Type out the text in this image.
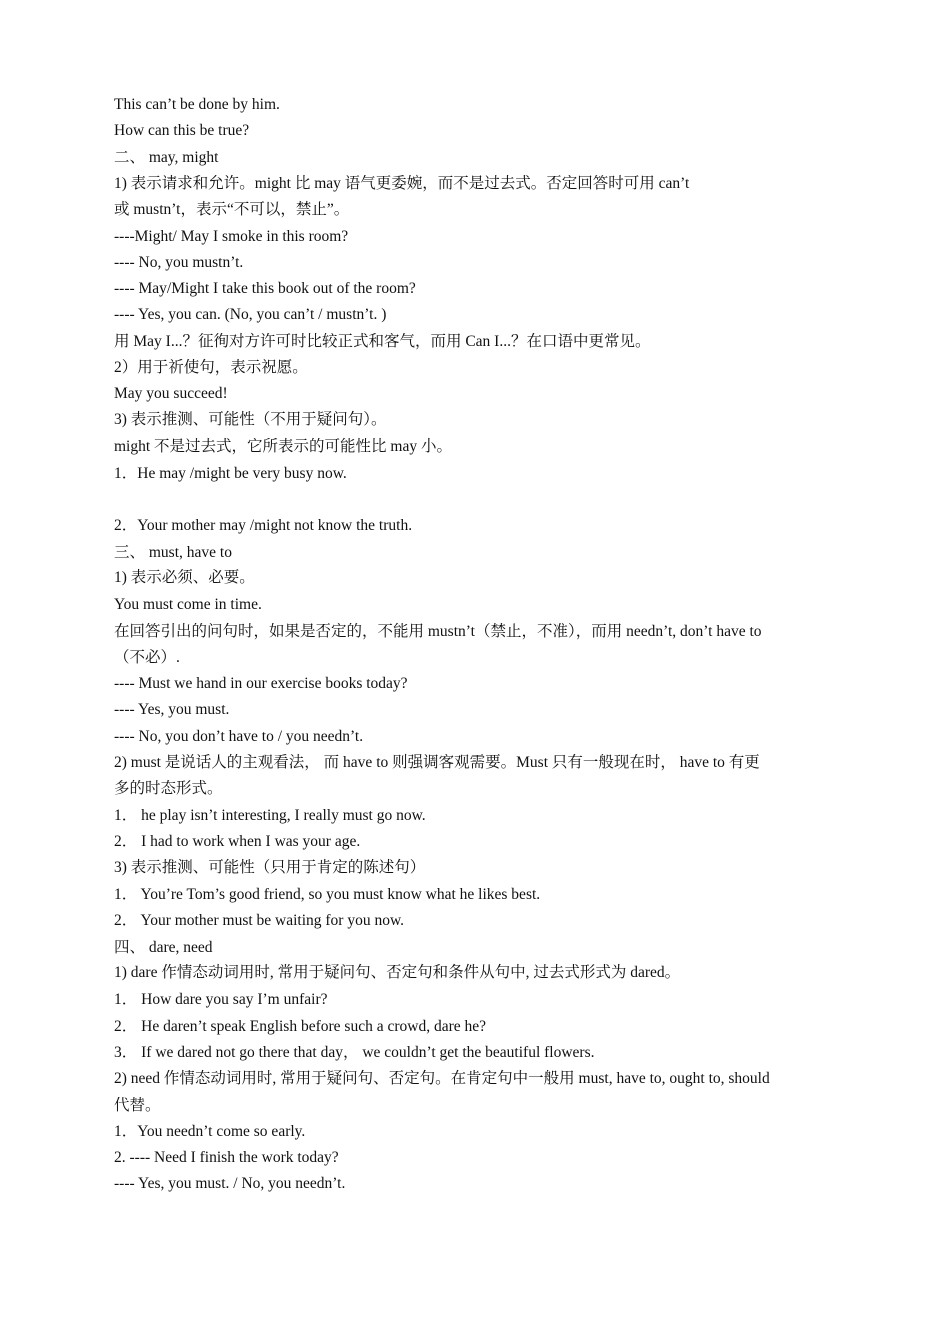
This can’t be done by him.

How can this be true?

二、 may, might

1) 表示请求和允许。might 比 may 语气更委婉，而不是过去式。否定回答时可用 can’t

或 mustn’t，表示“不可以，禁止”。

----Might/ May I smoke in this room?

---- No, you mustn’t.

---- May/Might I take this book out of the room?

---- Yes, you can. (No, you can’t / mustn’t. )

用 May I...？征徇对方许可时比较正式和客气，而用 Can I...？在口语中更常见。

2）用于祈使句，表示祝愿。

May you succeed!

3) 表示推测、可能性（不用于疑问句）。

might 不是过去式，它所表示的可能性比 may 小。

1．He may /might be very busy now.

2．Your mother may /might not know the truth.

三、 must, have to

1) 表示必须、必要。

You must come in time.

在回答引出的问句时，如果是否定的，不能用 mustn’t（禁止，不准），而用 needn’t, don’t have to

（不必）.

---- Must we hand in our exercise books today?

---- Yes, you must.

---- No, you don’t have to / you needn’t.

2) must 是说话人的主观看法， 而 have to 则强调客观需要。Must 只有一般现在时， have to 有更

多的时态形式。

1． he play isn’t interesting, I really must go now.

2． I had to work when I was your age.

3) 表示推测、可能性（只用于肯定的陈述句）

1． You’re Tom’s good friend, so you must know what he likes best.

2． Your mother must be waiting for you now.

四、 dare, need

1) dare 作情态动词用时, 常用于疑问句、否定句和条件从句中, 过去式形式为 dared。

1． How dare you say I’m unfair?

2． He daren’t speak English before such a crowd, dare he?

3． If we dared not go there that day， we couldn’t get the beautiful flowers.

2) need 作情态动词用时, 常用于疑问句、否定句。在肯定句中一般用 must, have to, ought to, should

代替。

1．You needn’t come so early.

2. ---- Need I finish the work today?

---- Yes, you must. / No, you needn’t.
